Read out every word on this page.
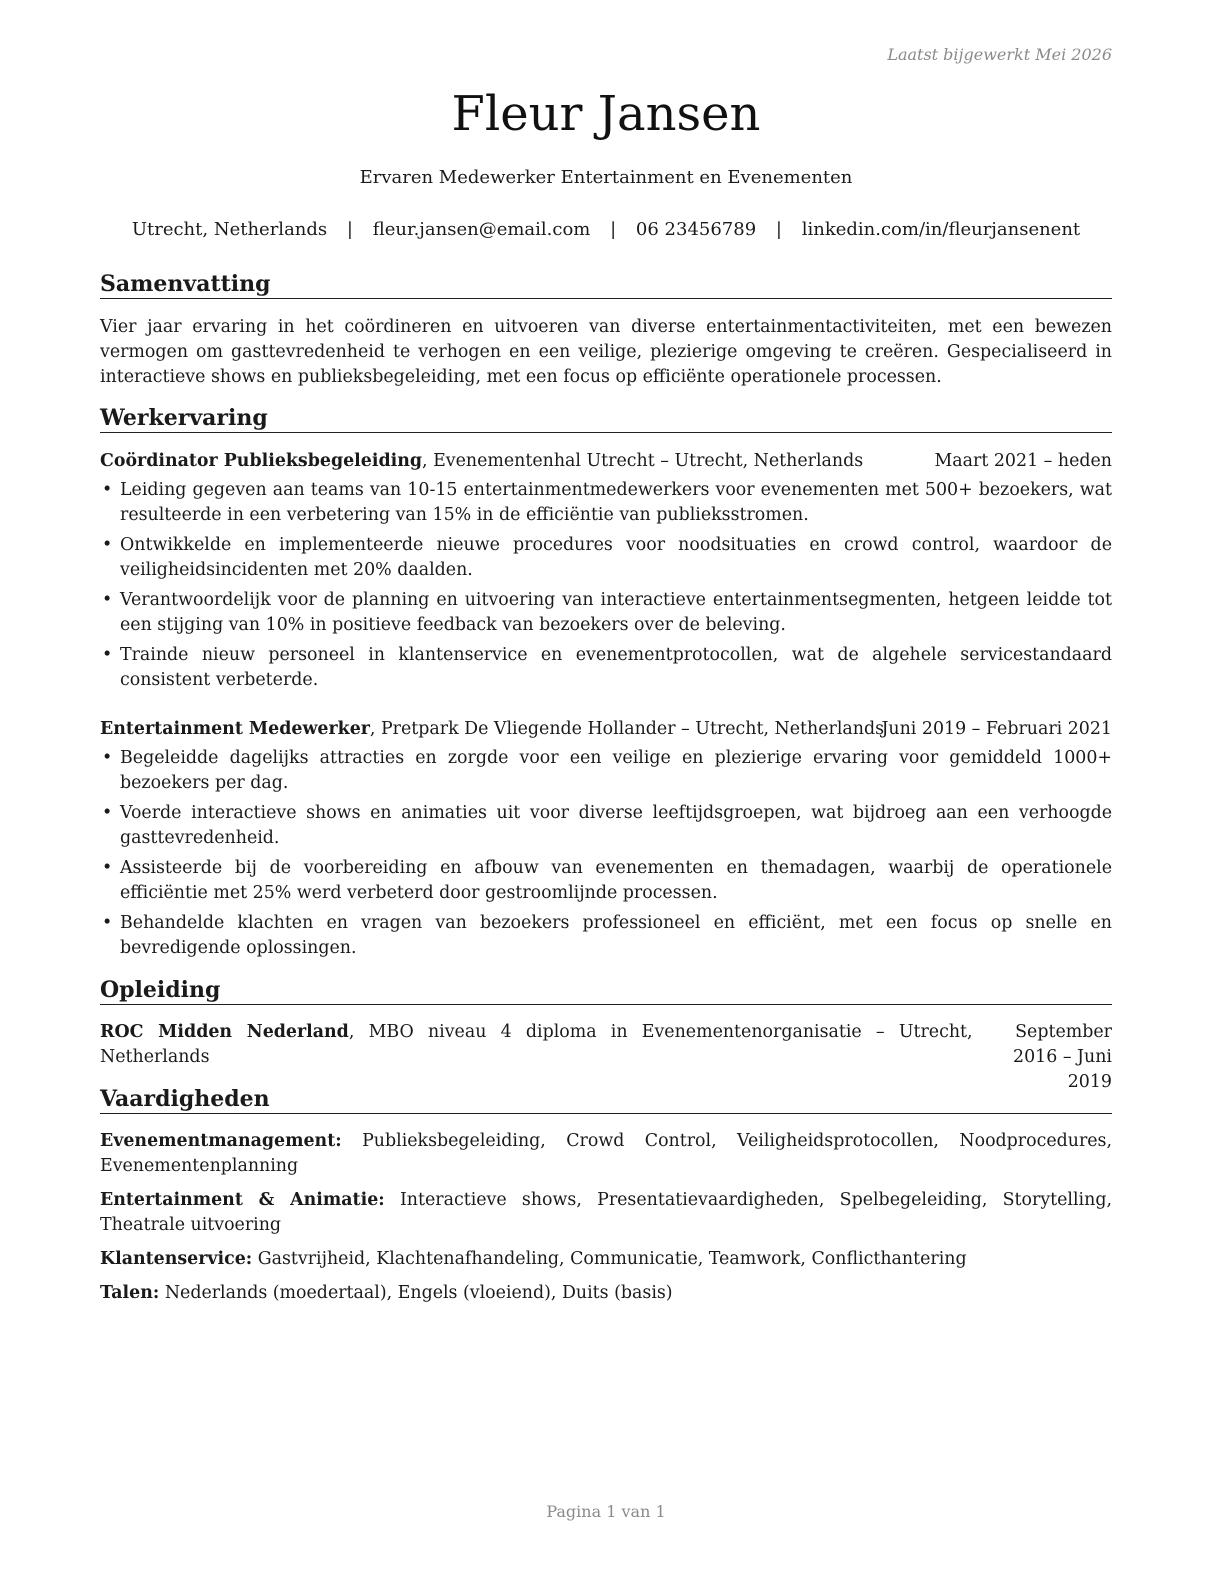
Laatst bijgewerkt Mei 2026
Fleur Jansen
Ervaren Medewerker Entertainment en Evenementen
Utrecht, Netherlands | fleur.jansen@email.com | 06 23456789 | linkedin.com/in/fleurjansenent
Samenvatting
Vier jaar ervaring in het coördineren en uitvoeren van diverse entertainmentactiviteiten, met een bewezen vermogen om gasttevredenheid te verhogen en een veilige, plezierige omgeving te creëren. Gespecialiseerd in interactieve shows en publieksbegeleiding, met een focus op efficiënte operationele processen.
Werkervaring
Coördinator Publieksbegeleiding, Evenementenhal Utrecht – Utrecht, Netherlands	Maart 2021 – heden
• Leiding gegeven aan teams van 10-15 entertainmentmedewerkers voor evenementen met 500+ bezoekers, wat resulteerde in een verbetering van 15% in de efficiëntie van publieksstromen.
• Ontwikkelde en implementeerde nieuwe procedures voor noodsituaties en crowd control, waardoor de veiligheidsincidenten met 20% daalden.
• Verantwoordelijk voor de planning en uitvoering van interactieve entertainmentsegmenten, hetgeen leidde tot een stijging van 10% in positieve feedback van bezoekers over de beleving.
• Trainde nieuw personeel in klantenservice en evenementprotocollen, wat de algehele servicestandaard consistent verbeterde.
Entertainment Medewerker, Pretpark De Vliegende Hollander – Utrecht, Netherlands
Juni 2019 – Februari 2021
• Begeleidde dagelijks attracties en zorgde voor een veilige en plezierige ervaring voor gemiddeld 1000+ bezoekers per dag.
• Voerde interactieve shows en animaties uit voor diverse leeftijdsgroepen, wat bijdroeg aan een verhoogde gasttevredenheid.
• Assisteerde bij de voorbereiding en afbouw van evenementen en themadagen, waarbij de operationele efficiëntie met 25% werd verbeterd door gestroomlijnde processen.
• Behandelde klachten en vragen van bezoekers professioneel en efficiënt, met een focus op snelle en bevredigende oplossingen.
Opleiding
ROC Midden Nederland, MBO niveau 4 diploma in Evenementenorganisatie – Utrecht, Netherlands
September 2016 – Juni 2019
Vaardigheden
Evenementmanagement: Publieksbegeleiding, Crowd Control, Veiligheidsprotocollen, Noodprocedures, Evenementenplanning
Entertainment & Animatie: Interactieve shows, Presentatievaardigheden, Spelbegeleiding, Storytelling, Theatrale uitvoering
Klantenservice: Gastvrijheid, Klachtenafhandeling, Communicatie, Teamwork, Conflicthantering
Talen: Nederlands (moedertaal), Engels (vloeiend), Duits (basis)
Pagina 1 van 1
